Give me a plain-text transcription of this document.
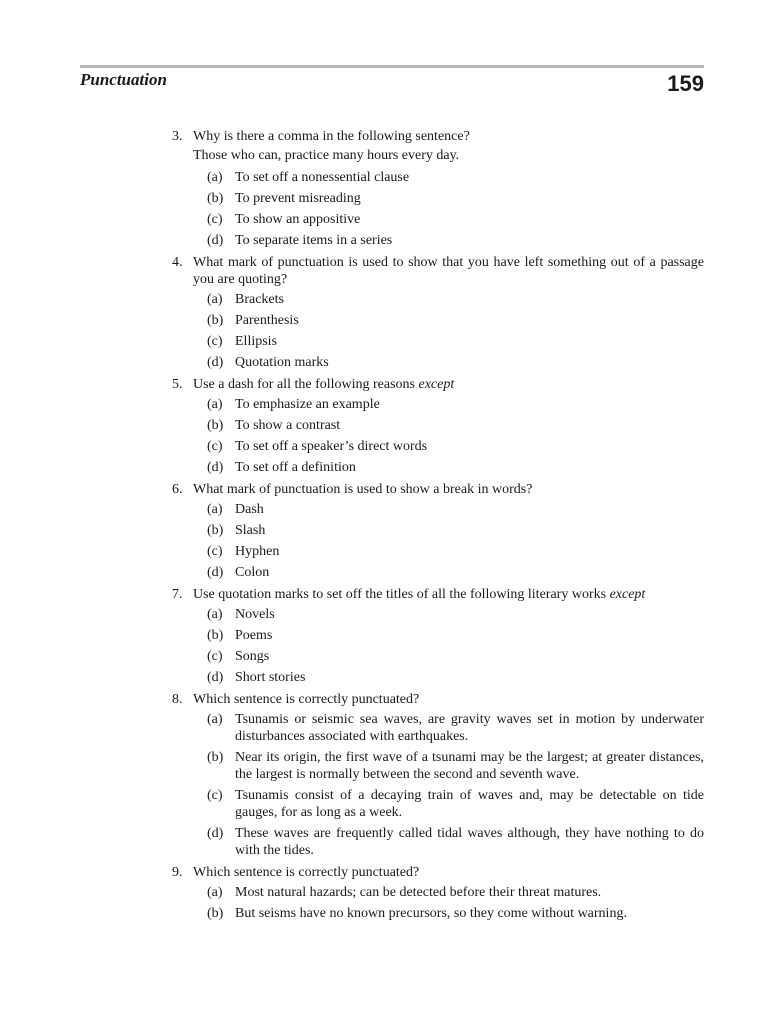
Punctuation	159
3. Why is there a comma in the following sentence?
Those who can, practice many hours every day.
(a) To set off a nonessential clause
(b) To prevent misreading
(c) To show an appositive
(d) To separate items in a series
4. What mark of punctuation is used to show that you have left something out of a passage you are quoting?
(a) Brackets
(b) Parenthesis
(c) Ellipsis
(d) Quotation marks
5. Use a dash for all the following reasons except
(a) To emphasize an example
(b) To show a contrast
(c) To set off a speaker’s direct words
(d) To set off a definition
6. What mark of punctuation is used to show a break in words?
(a) Dash
(b) Slash
(c) Hyphen
(d) Colon
7. Use quotation marks to set off the titles of all the following literary works except
(a) Novels
(b) Poems
(c) Songs
(d) Short stories
8. Which sentence is correctly punctuated?
(a) Tsunamis or seismic sea waves, are gravity waves set in motion by underwater disturbances associated with earthquakes.
(b) Near its origin, the first wave of a tsunami may be the largest; at greater distances, the largest is normally between the second and seventh wave.
(c) Tsunamis consist of a decaying train of waves and, may be detectable on tide gauges, for as long as a week.
(d) These waves are frequently called tidal waves although, they have nothing to do with the tides.
9. Which sentence is correctly punctuated?
(a) Most natural hazards; can be detected before their threat matures.
(b) But seisms have no known precursors, so they come without warning.
